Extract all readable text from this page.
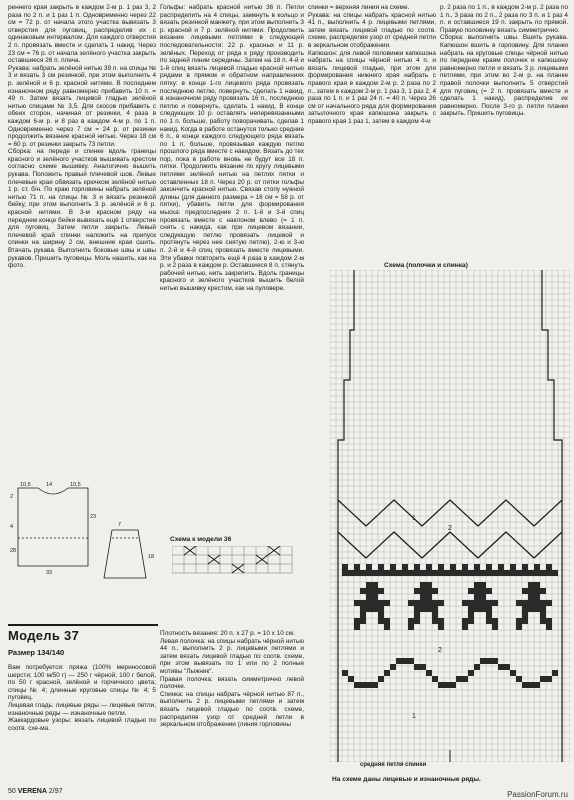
реннего края закрыть в каждом 2-м р. 1 раз 3, 2 раза по 2 п. и 1 раз 1 п. Одновременно через 22 см = 72 р. от начала этого участка вывязать 3 отверстия для пуговиц, распределив их с одинаковым интервалом. Для каждого отверстия 2 п. провязать вместе и сделать 1 накид. Через 23 см = 76 р. от начала зелёного участка закрыть оставшиеся 26 п. плеча.

Рукава: набрать зелёной нитью 39 п. на спицы № 3 и вязать 3 см резинкой, при этом выполнить 4 р. зелёной и 6 р. красной нитями. В последнем изнаночном ряду равномерно прибавить 10 п. = 49 п. Затем вязать лицевой гладью зелёной нитью спицами № 3,5. Для скосов прибавить с обеих сторон, начиная от резинки, 4 раза в каждом 6-м р. и 8 раз в каждом 4-м р. по 1 п. Одновременно через 7 см = 24 р. от резинки продолжить вязание красной нитью. Через 18 см = 60 р. от резинки закрыть 73 петли.

Сборка: на переде и спинке вдоль границы красного и зелёного участков вышивать крестом согласно схеме вышивку. Аналогично вышить рукава. Положить правый плечевой шов. Левые плечевые края обвязать крючком зелёной нитью 1 р. ст. б/н. По краю горловины набрать зелёной нитью 71 п. на спицы № 3 и вязать резинкой бейку, при этом выполнить 3 р. зелёной и 6 р. красной нитями. В 3-м красном ряду на переднем конце бейки вывязать ещё 1 отверстие для пуговиц. Затем петли закрыть. Левый плечевой край спинки наложить на припуск спинки на ширину 2 см, внешние края сшить. Втачать рукава. Выполнить боковые швы и швы рукавов. Пришить пуговицы. Моль нашить, как на фото.

Гольфы: набрать красной нитью 36 п. Петли распределить на 4 спицы, замкнуть в кольцо и вязать резинкой манжету, при этом выполнить 3 р. красной и 7 р. зелёной нитями. Продолжить вязание лицевыми петлями в следующей последовательности: 22 р. красных и 11 р. зелёных. Переход от ряда к ряду производить по задней линии середины. Затем на 18 п. 4-й и 1-й спиц вязать лицевой гладью красной нитью рядами в прямом и обратном направлениях пятку: в конце 1-го лицевого ряда провязать последнюю петлю, повернуть, сделать 1 накид, в изнаночном ряду провязать 16 п., последнюю петлю и повернуть, сделать 1 накид. В конце следующих 10 р. оставлять неперевязанными по 1 п. больше, работу поворачивать, сделав 1 накид. Когда в работе останутся только средние 6 п., в конце каждого следующего ряда вязать по 1 п. больше, провязывая каждую петлю прошлого ряда вместе с накидом. Вязать до тех пор, пока в работе вновь не будут все 18 п. пятки. Продолжить вязание по кругу лицевыми петлями зелёной нитью на петлях пятки и оставленных 18 п. Через 20 р. от пятки гольфы закончить красной нитью. Связав стопу нужной длины (для данного размера ≈ 16 см = 58 р. от пятки), убавить петли для формирования мыска: предпоследние 2 п. 1-й и 3-й спиц провязать вместе с наклоном влево (= 1 п. снять с накида, как при лицевом вязании, следующую петлю провязать лицевой и протянуть через нее снятую петлю), 2-ю и 3-ю п. 2-й и 4-й спиц провязать вместе лицевыми. Эти убавки повторить ещё 4 раза в каждом 2-м р. и 2 раза в каждом р. Оставшиеся 8 п. стянуть рабочей нитью, нить закрепить. Вдоль границы красного и зелёного участков вышить белой нитью вышивку крестом, как на пуловере.

спинки = верхняя линия на схеме.

Рукава: на спицы набрать красной нитью 41 п., выполнить 4 р. лицевыми петлями, затем вязать лицевой гладью по соотв. схеме, распределяя узор от средней петли в зеркальном отображении.

Капюшон: для левой половинки капюшона набрать на спицы чёрной нитью 4 п. и вязать лицевой гладью, при этом для формирования нижнего края набрать с правого края в каждом 2-м р. 2 раза по 2 п., затем в каждом 2-м р. 1 раз 3, 1 раз 2, 4 раза по 1 п. и 1 раз 24 п. = 40 п. Через 26 см от начального ряда для формирования затылочного края капюшона закрыть с правого края 1 раз 1, затем в каждом 4-м

р. 2 раза по 1 п., в каждом 2-м р. 2 раза по 1 п., 3 раза по 2 п., 2 раза по 3 п. и 1 раз 4 п. и оставшиеся 19 п. закрыть по прямой. Правую половинку вязать симметрично.

Сборка: выполнить швы. Вшить рукава. Капюшон вшить в горловину. Для планки набрать на круговые спицы чёрной нитью по переднем краям полочек и капюшону равномерно петли и вязать 3 р. лицевыми петлями, при этом во 2-м р. на планке правой полочки выполнить 5 отверстий для пуговиц (= 2 п. провязать вместе и сделать 1 накид), распределив их равномерно. После 3-го р. петли планки закрыть. Пришить пуговицы.

10,5	14	10,5
2
4
23
28
33
7
18
Схема к модели 36
Модель 37
Размер 134/140

Вам потребуется: пряжа (100% мериносовой шерсти; 100 м/50 г) — 250 г чёрной, 100 г белой, по 50 г красной, зелёной и горчичного цвета; спицы № 4; длинные круговые спицы № 4; 5 пуговиц.

Лицевая гладь: лицевые ряды — лицевые петли, изнаночные ряды — изнаночные петли.

Жаккардовые узоры: вязать лицевой гладью по соотв. схе-ма.

Плотность вязания: 20 п. x 27 р. = 10 x 10 см.

Левая полочка: на спицы набрать чёрной нитью 44 п., выполнить 2 р. лицевыми петлями и затем вязать лицевой гладью по соотв. схеме, при этом вывязать по 1 или по 2 полные мотивы "Лыжник".

Правая полочка: вязать симметрично левой полочке.

Спинка: на спицы набрать чёрной нитью 87 п., выполнить 2 р. лицевыми петлями и затем вязать лицевой гладью по соотв. схеме, распределяя узор от средней петли в зеркальном отображении (линия горловины

Схема (полочки и спинка)
1
2
2
1
средняя петля спинки
На схеме даны лицевые и изнаночные ряды.
50 VERENA 2/97	PassionForum.ru
